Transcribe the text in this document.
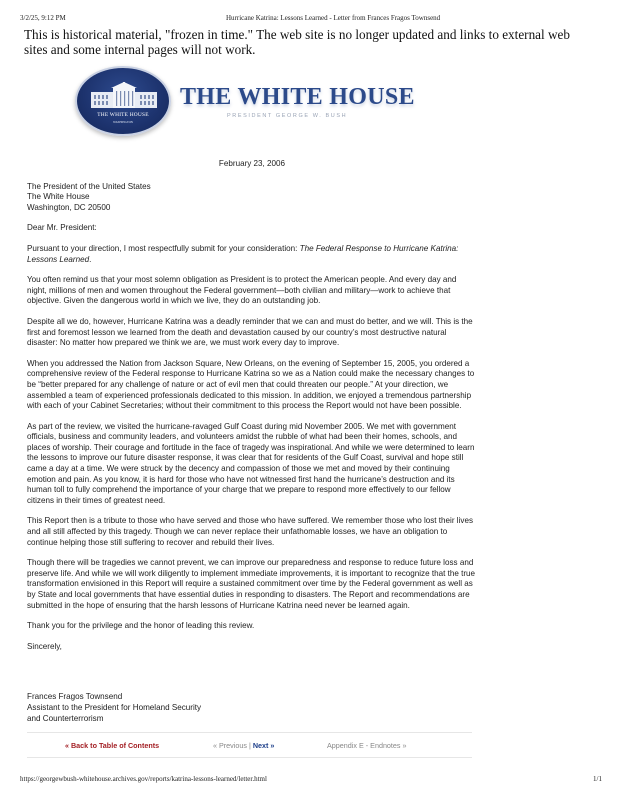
3/2/25, 9:12 PM	Hurricane Katrina: Lessons Learned - Letter from Frances Fragos Townsend
This is historical material, "frozen in time." The web site is no longer updated and links to external web sites and some internal pages will not work.
THE WHITE HOUSE
WASHINGTON
THE WHITE HOUSE
PRESIDENT GEORGE W. BUSH

February 23, 2006

The President of the United States
The White House
Washington, DC 20500

Dear Mr. President:

Pursuant to your direction, I most respectfully submit for your consideration: The Federal Response to Hurricane Katrina: Lessons Learned.

You often remind us that your most solemn obligation as President is to protect the American people. And every day and night, millions of men and women throughout the Federal government—both civilian and military—work to achieve that objective. Given the dangerous world in which we live, they do an outstanding job.

Despite all we do, however, Hurricane Katrina was a deadly reminder that we can and must do better, and we will. This is the first and foremost lesson we learned from the death and devastation caused by our country’s most destructive natural disaster: No matter how prepared we think we are, we must work every day to improve.

When you addressed the Nation from Jackson Square, New Orleans, on the evening of September 15, 2005, you ordered a comprehensive review of the Federal response to Hurricane Katrina so we as a Nation could make the necessary changes to be “better prepared for any challenge of nature or act of evil men that could threaten our people.” At your direction, we assembled a team of experienced professionals dedicated to this mission. In addition, we enjoyed a tremendous partnership with each of your Cabinet Secretaries; without their commitment to this process the Report would not have been possible.

As part of the review, we visited the hurricane-ravaged Gulf Coast during mid November 2005. We met with government officials, business and community leaders, and volunteers amidst the rubble of what had been their homes, schools, and places of worship. Their courage and fortitude in the face of tragedy was inspirational. And while we were determined to learn the lessons to improve our future disaster response, it was clear that for residents of the Gulf Coast, survival and hope still came a day at a time. We were struck by the decency and compassion of those we met and moved by their continuing emotion and pain. As you know, it is hard for those who have not witnessed first hand the hurricane’s destruction and its human toll to fully comprehend the importance of your charge that we prepare to respond more effectively to our fellow citizens in their times of greatest need.

This Report then is a tribute to those who have served and those who have suffered. We remember those who lost their lives and all still affected by this tragedy. Though we can never replace their unfathomable losses, we have an obligation to continue helping those still suffering to recover and rebuild their lives.

Though there will be tragedies we cannot prevent, we can improve our preparedness and response to reduce future loss and preserve life. And while we will work diligently to implement immediate improvements, it is important to recognize that the true transformation envisioned in this Report will require a sustained commitment over time by the Federal government as well as by State and local governments that have essential duties in responding to disasters. The Report and recommendations are submitted in the hope of ensuring that the harsh lessons of Hurricane Katrina need never be learned again.

Thank you for the privilege and the honor of leading this review.

Sincerely,

Frances Fragos Townsend
Assistant to the President for Homeland Security
and Counterterrorism
« Back to Table of Contents	« Previous | Next »	Appendix E - Endnotes »
https://georgewbush-whitehouse.archives.gov/reports/katrina-lessons-learned/letter.html	1/1
